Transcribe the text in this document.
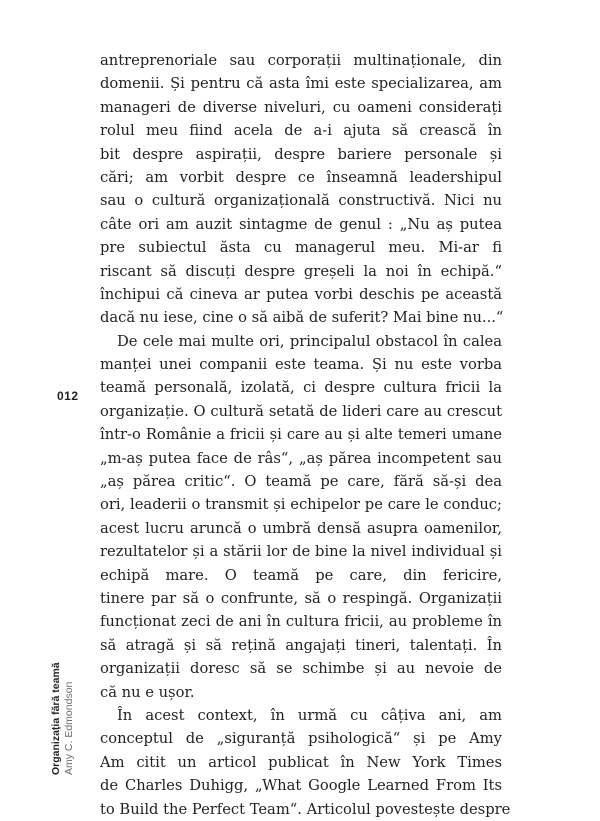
012
antreprenoriale sau corporații multinaționale, din
domenii. Și pentru că asta îmi este specializarea, am
manageri de diverse niveluri, cu oameni considerați
rolul meu fiind acela de a-i ajuta să crească în
bit despre aspirații, despre bariere personale și
cări; am vorbit despre ce înseamnă leadershipul
sau o cultură organizațională constructivă. Nici nu
câte ori am auzit sintagme de genul : „Nu aș putea
pre subiectul ăsta cu managerul meu. Mi-ar fi
riscant să discuți despre greșeli la noi în echipă.“
închipui că cineva ar putea vorbi deschis pe această
dacă nu iese, cine o să aibă de suferit? Mai bine nu...“
De cele mai multe ori, principalul obstacol în calea
manței unei companii este teama. Și nu este vorba
teamă personală, izolată, ci despre cultura fricii la
organizație. O cultură setată de lideri care au crescut
într-o Românie a fricii și care au și alte temeri umane
„m-aș putea face de râs“, „aș părea incompetent sau
„aș părea critic“. O teamă pe care, fără să-și dea
ori, leaderii o transmit și echipelor pe care le conduc;
acest lucru aruncă o umbră densă asupra oamenilor,
rezultatelor și a stării lor de bine la nivel individual și
echipă mare. O teamă pe care, din fericire,
tinere par să o confrunte, să o respingă. Organizații
funcționat zeci de ani în cultura fricii, au probleme în
să atragă și să rețină angajați tineri, talentați. În
organizații doresc să se schimbe și au nevoie de
că nu e ușor.
În acest context, în urmă cu câțiva ani, am
conceptul de „siguranță psihologică“ și pe Amy
Am citit un articol publicat în New York Times
de Charles Duhigg, „What Google Learned From Its
to Build the Perfect Team“. Articolul povestește despre
Organizația fără teamă Amy C. Edmondson
